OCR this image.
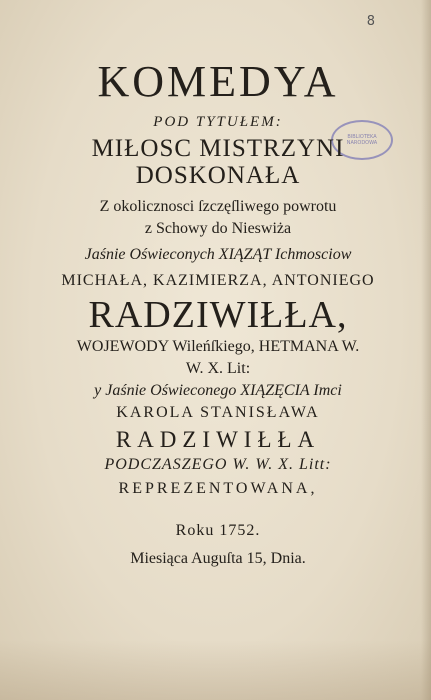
8
BIBLIOTEKA NARODOWA
KOMEDYA
POD TYTUŁEM:
MIŁOSC MISTRZYNI
DOSKONAŁA
Z okolicznosci ſzczęſliwego powrotu
z Schowy do Nieswiża
Jaśnie Oświeconych XIĄZĄT Ichmosciow
MICHAŁA, KAZIMIERZA, ANTONIEGO
RADZIWIŁŁA,
WOJEWODY Wileńſkiego, HETMANA W.
W. X. Lit:
y Jaśnie Oświeconego XIĄZĘCIA Imci
KAROLA STANISŁAWA
RADZIWIŁŁA
PODCZASZEGO W. W. X. Litt:
REPREZENTOWANA,
Roku 1752.
Miesiąca Auguſta 15, Dnia.
